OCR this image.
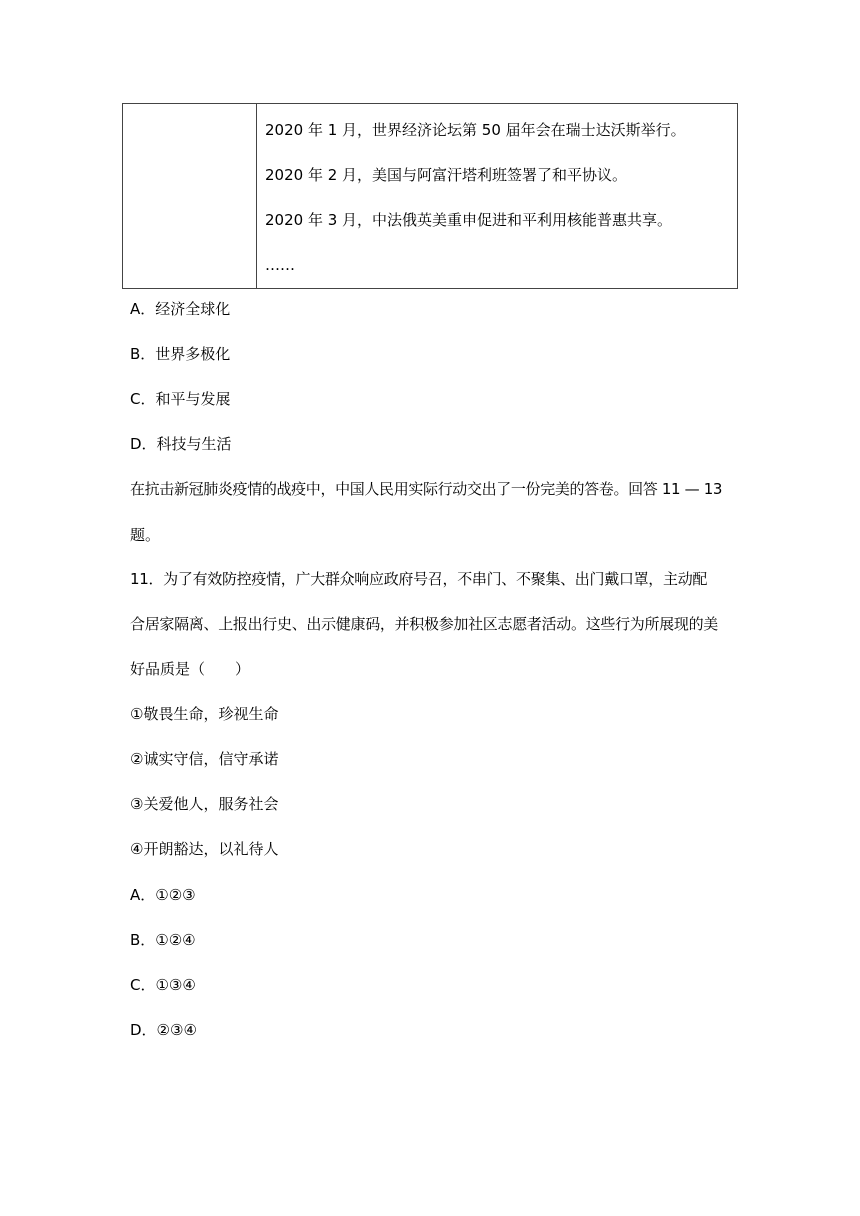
2020 年 1 月，世界经济论坛第 50 届年会在瑞士达沃斯举行。
2020 年 2 月，美国与阿富汗塔利班签署了和平协议。
2020 年 3 月，中法俄英美重申促进和平利用核能普惠共享。
……
A．经济全球化
B．世界多极化
C．和平与发展
D．科技与生活
在抗击新冠肺炎疫情的战疫中，中国人民用实际行动交出了一份完美的答卷。回答 11 — 13
题。
11．为了有效防控疫情，广大群众响应政府号召，不串门、不聚集、出门戴口罩，主动配
合居家隔离、上报出行史、出示健康码，并积极参加社区志愿者活动。这些行为所展现的美
好品质是（　　）
①敬畏生命，珍视生命
②诚实守信，信守承诺
③关爱他人，服务社会
④开朗豁达，以礼待人
A．①②③
B．①②④
C．①③④
D．②③④
